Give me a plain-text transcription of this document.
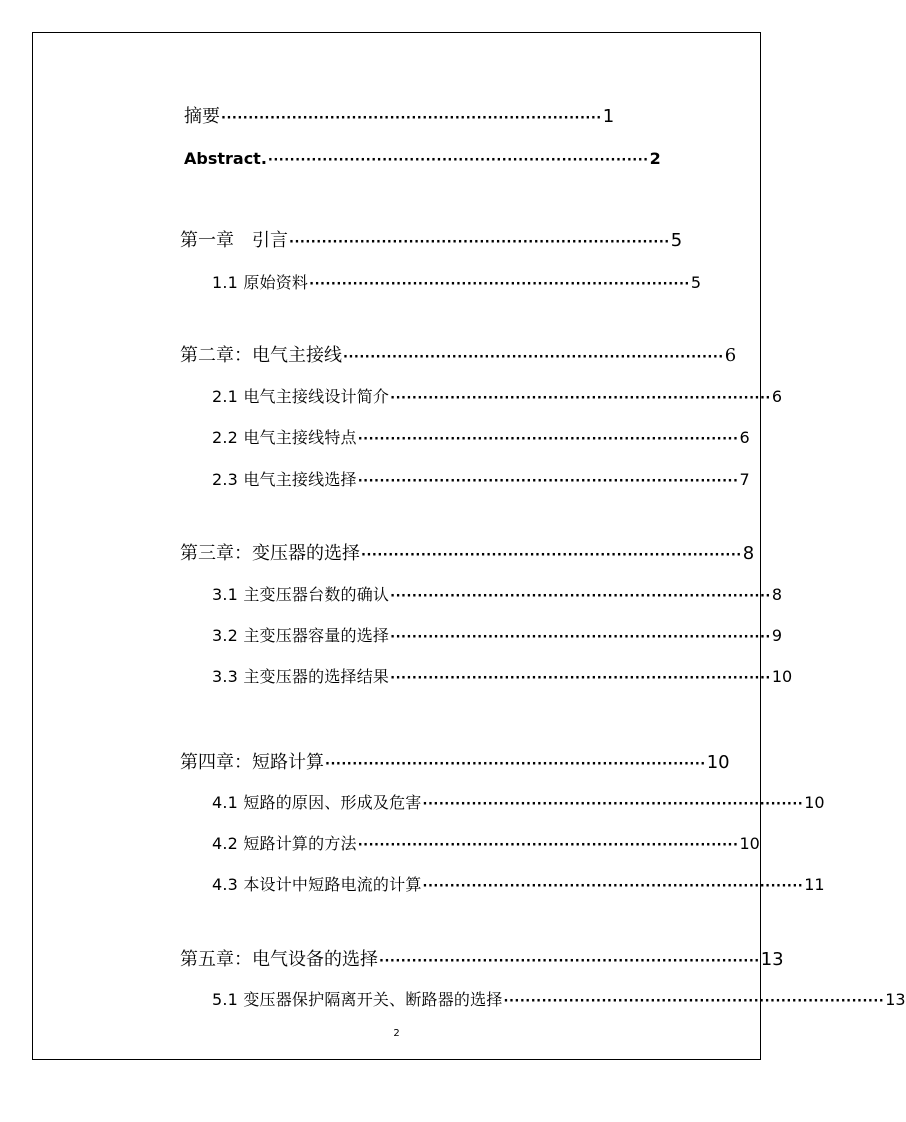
摘要 ······································································ 1
Abstract. ······································································ 2
第一章　引言 ······································································ 5
1.1 原始资料 ······································································ 5
第二章：电气主接线 ······································································ 6
2.1 电气主接线设计简介 ······································································ 6
2.2 电气主接线特点 ······································································ 6
2.3 电气主接线选择 ······································································ 7
第三章：变压器的选择 ······································································ 8
3.1 主变压器台数的确认 ······································································ 8
3.2 主变压器容量的选择 ······································································ 9
3.3 主变压器的选择结果 ······································································ 10
第四章：短路计算 ······································································ 10
4.1 短路的原因、形成及危害 ······································································ 10
4.2 短路计算的方法 ······································································ 10
4.3 本设计中短路电流的计算 ······································································ 11
第五章：电气设备的选择 ······································································ 13
5.1 变压器保护隔离开关、断路器的选择 ······································································ 13
2
